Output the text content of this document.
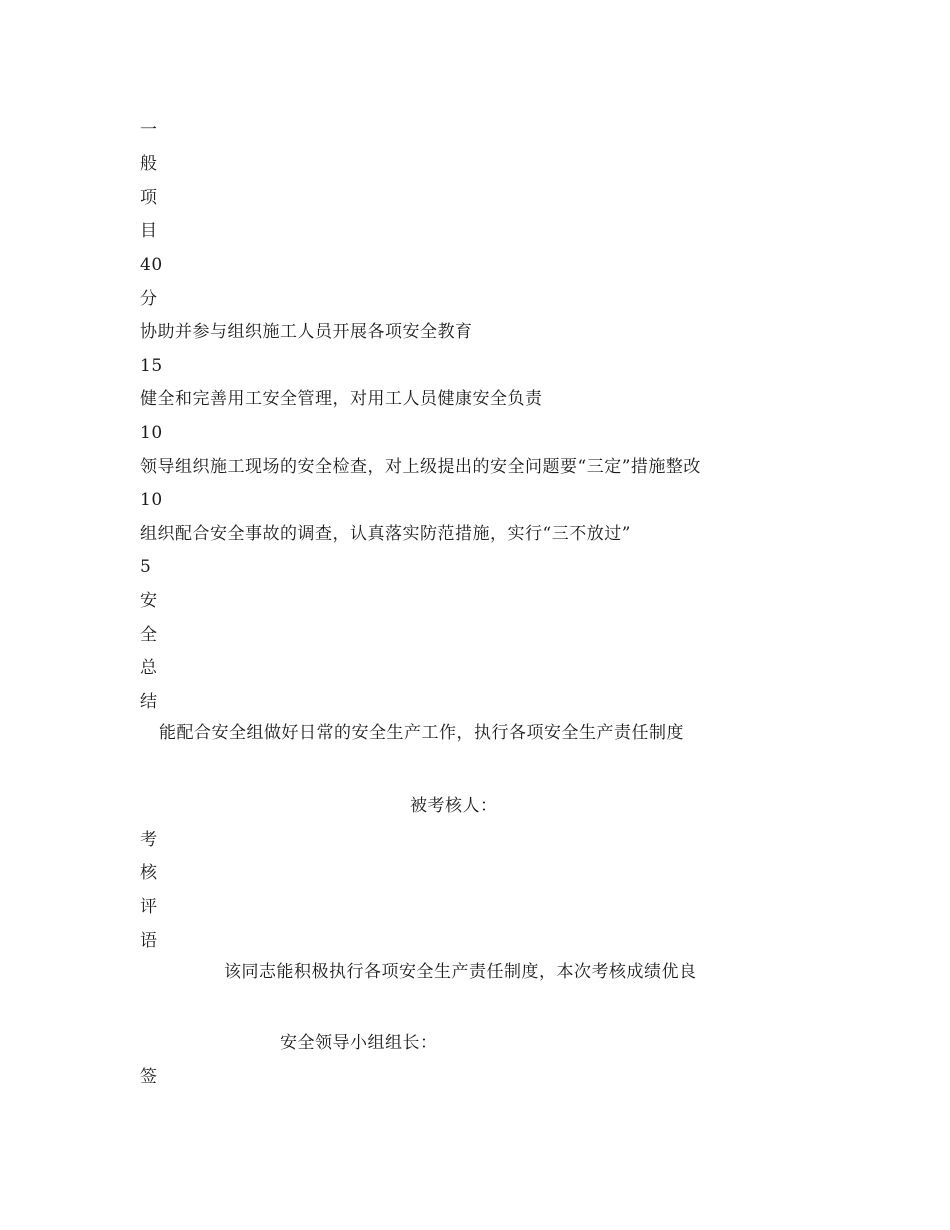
一
般
项
目
40
分
协助并参与组织施工人员开展各项安全教育
15
健全和完善用工安全管理，对用工人员健康安全负责
10
领导组织施工现场的安全检查，对上级提出的安全问题要“三定”措施整改
10
组织配合安全事故的调查，认真落实防范措施，实行“三不放过”
5
安
全
总
结
能配合安全组做好日常的安全生产工作，执行各项安全生产责任制度
被考核人：
考
核
评
语
该同志能积极执行各项安全生产责任制度，本次考核成绩优良
安全领导小组组长：
签
